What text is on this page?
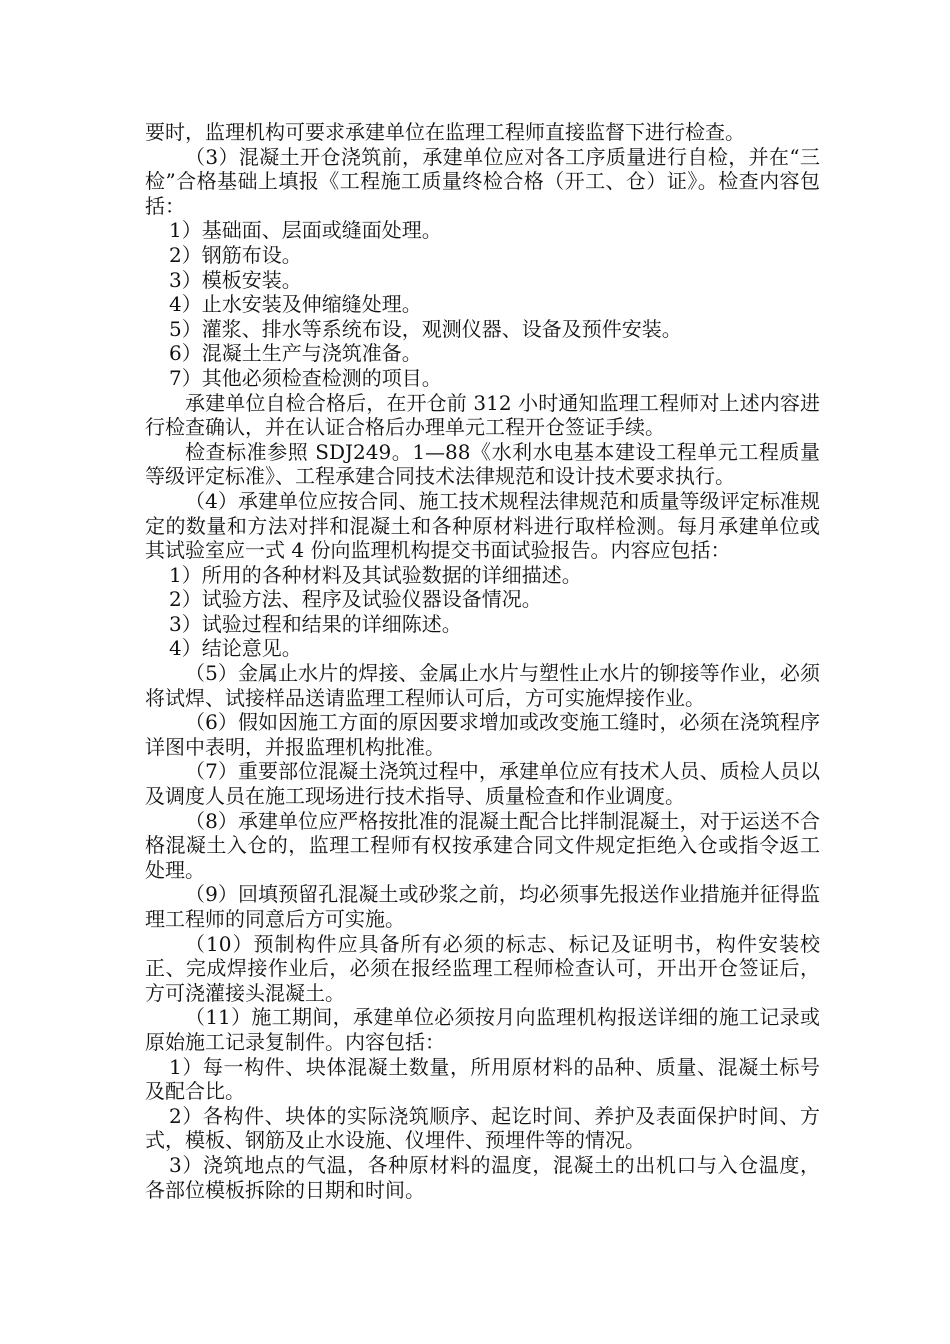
要时，监理机构可要求承建单位在监理工程师直接监督下进行检查。

（3）混凝土开仓浇筑前，承建单位应对各工序质量进行自检，并在“三检”合格基础上填报《工程施工质量终检合格（开工、仓）证》。检查内容包括：

1）基础面、层面或缝面处理。

2）钢筋布设。

3）模板安装。

4）止水安装及伸缩缝处理。

5）灌浆、排水等系统布设，观测仪器、设备及预件安装。

6）混凝土生产与浇筑准备。

7）其他必须检查检测的项目。

承建单位自检合格后，在开仓前 312 小时通知监理工程师对上述内容进行检查确认，并在认证合格后办理单元工程开仓签证手续。

检查标准参照 SDJ249。1—88《水利水电基本建设工程单元工程质量等级评定标准》、工程承建合同技术法律规范和设计技术要求执行。

（4）承建单位应按合同、施工技术规程法律规范和质量等级评定标准规定的数量和方法对拌和混凝土和各种原材料进行取样检测。每月承建单位或其试验室应一式 4 份向监理机构提交书面试验报告。内容应包括：

1）所用的各种材料及其试验数据的详细描述。

2）试验方法、程序及试验仪器设备情况。

3）试验过程和结果的详细陈述。

4）结论意见。

（5）金属止水片的焊接、金属止水片与塑性止水片的铆接等作业，必须将试焊、试接样品送请监理工程师认可后，方可实施焊接作业。

（6）假如因施工方面的原因要求增加或改变施工缝时，必须在浇筑程序详图中表明，并报监理机构批准。

（7）重要部位混凝土浇筑过程中，承建单位应有技术人员、质检人员以及调度人员在施工现场进行技术指导、质量检查和作业调度。

（8）承建单位应严格按批准的混凝土配合比拌制混凝土，对于运送不合格混凝土入仓的，监理工程师有权按承建合同文件规定拒绝入仓或指令返工处理。

（9）回填预留孔混凝土或砂浆之前，均必须事先报送作业措施并征得监理工程师的同意后方可实施。

（10）预制构件应具备所有必须的标志、标记及证明书，构件安装校正、完成焊接作业后，必须在报经监理工程师检查认可，开出开仓签证后，方可浇灌接头混凝土。

（11）施工期间，承建单位必须按月向监理机构报送详细的施工记录或原始施工记录复制件。内容包括：

1）每一构件、块体混凝土数量，所用原材料的品种、质量、混凝土标号及配合比。

2）各构件、块体的实际浇筑顺序、起讫时间、养护及表面保护时间、方式，模板、钢筋及止水设施、仪埋件、预埋件等的情况。

3）浇筑地点的气温，各种原材料的温度，混凝土的出机口与入仓温度，各部位模板拆除的日期和时间。
